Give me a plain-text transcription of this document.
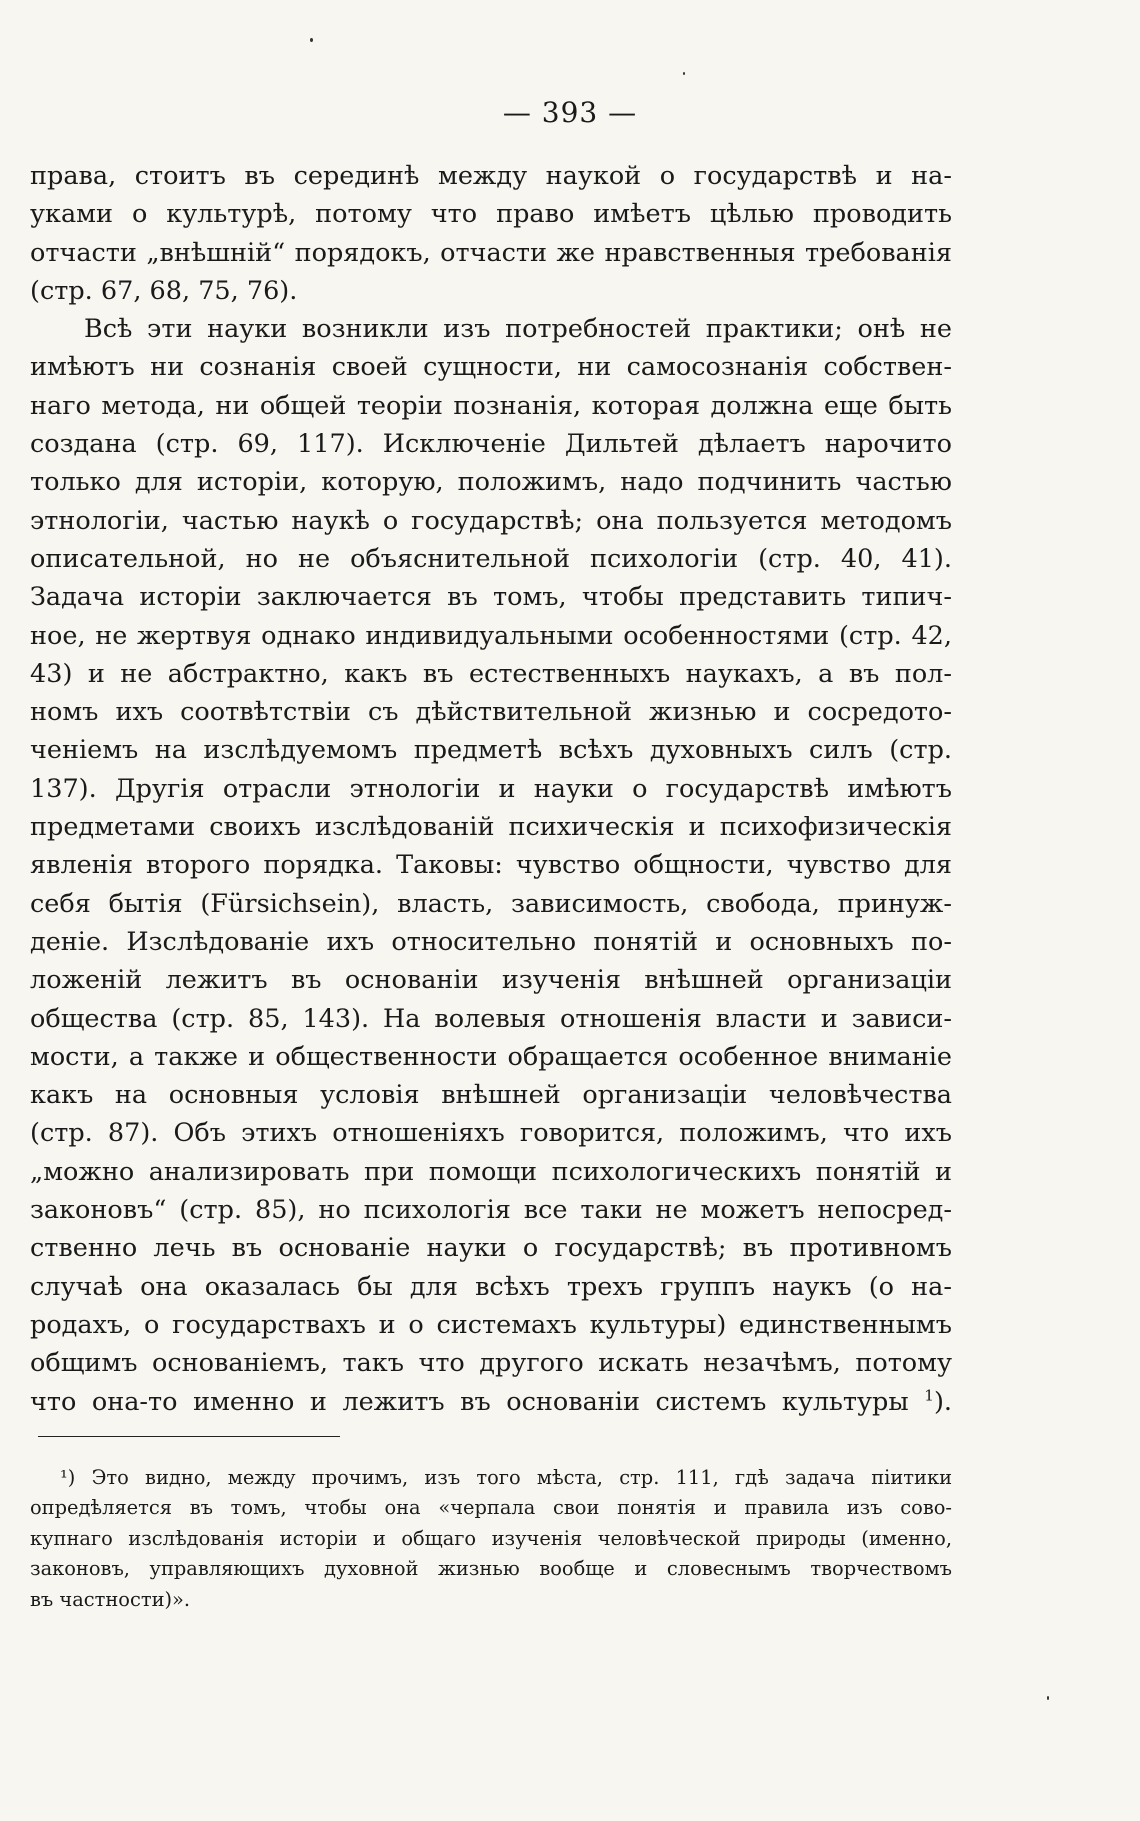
— 393 —
права, стоитъ въ серединѣ между наукой о государствѣ и на-
уками о культурѣ, потому что право имѣетъ цѣлью проводить
отчасти „внѣшній“ порядокъ, отчасти же нравственныя требованія
(стр. 67, 68, 75, 76).
Всѣ эти науки возникли изъ потребностей практики; онѣ не
имѣютъ ни сознанія своей сущности, ни самосознанія собствен-
наго метода, ни общей теоріи познанія, которая должна еще быть
создана (стр. 69, 117). Исключеніе Дильтей дѣлаетъ нарочито
только для исторіи, которую, положимъ, надо подчинить частью
этнологіи, частью наукѣ о государствѣ; она пользуется методомъ
описательной, но не объяснительной психологіи (стр. 40, 41).
Задача исторіи заключается въ томъ, чтобы представить типич-
ное, не жертвуя однако индивидуальными особенностями (стр. 42,
43) и не абстрактно, какъ въ естественныхъ наукахъ, а въ пол-
номъ ихъ соотвѣтствіи съ дѣйствительной жизнью и сосредото-
ченіемъ на изслѣдуемомъ предметѣ всѣхъ духовныхъ силъ (стр.
137). Другія отрасли этнологіи и науки о государствѣ имѣютъ
предметами своихъ изслѣдованій психическія и психофизическія
явленія второго порядка. Таковы: чувство общности, чувство для
себя бытія (Fürsichsein), власть, зависимость, свобода, принуж-
деніе. Изслѣдованіе ихъ относительно понятій и основныхъ по-
ложеній лежитъ въ основаніи изученія внѣшней организаціи
общества (стр. 85, 143). На волевыя отношенія власти и зависи-
мости, а также и общественности обращается особенное вниманіе
какъ на основныя условія внѣшней организаціи человѣчества
(стр. 87). Объ этихъ отношеніяхъ говорится, положимъ, что ихъ
„можно анализировать при помощи психологическихъ понятій и
законовъ“ (стр. 85), но психологія все таки не можетъ непосред-
ственно лечь въ основаніе науки о государствѣ; въ противномъ
случаѣ она оказалась бы для всѣхъ трехъ группъ наукъ (о на-
родахъ, о государствахъ и о системахъ культуры) единственнымъ
общимъ основаніемъ, такъ что другого искать незачѣмъ, потому
что она-то именно и лежитъ въ основаніи системъ культуры $^1$).
¹) Это видно, между прочимъ, изъ того мѣста, стр. 111, гдѣ задача піитики
опредѣляется въ томъ, чтобы она «черпала свои понятія и правила изъ сово-
купнаго изслѣдованія исторіи и общаго изученія человѣческой природы (именно,
законовъ, управляющихъ духовной жизнью вообще и словеснымъ творчествомъ
въ частности)».
